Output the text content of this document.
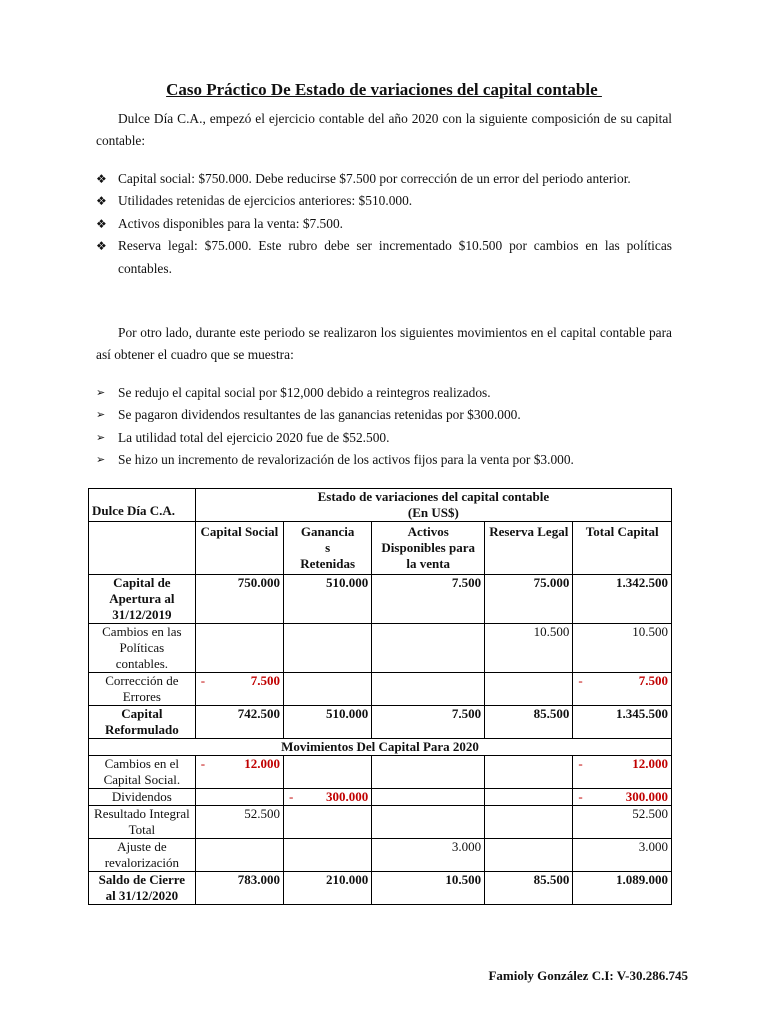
Caso Práctico De Estado de variaciones del capital contable

Dulce Día C.A., empezó el ejercicio contable del año 2020 con la siguiente composición de su capital contable:

❖ Capital social: $750.000. Debe reducirse $7.500 por corrección de un error del periodo anterior.
❖ Utilidades retenidas de ejercicios anteriores: $510.000.
❖ Activos disponibles para la venta: $7.500.
❖ Reserva legal: $75.000. Este rubro debe ser incrementado $10.500 por cambios en las políticas contables.

Por otro lado, durante este periodo se realizaron los siguientes movimientos en el capital contable para así obtener el cuadro que se muestra:

➢ Se redujo el capital social por $12,000 debido a reintegros realizados.
➢ Se pagaron dividendos resultantes de las ganancias retenidas por $300.000.
➢ La utilidad total del ejercicio 2020 fue de $52.500.
➢ Se hizo un incremento de revalorización de los activos fijos para la venta por $3.000.
Dulce Día C.A.	Estado de variaciones del capital contable
(En US$)				

	Capital Social	Ganancia
s
Retenidas	Activos Disponibles para la venta	Reserva Legal	Total Capital
Capital de Apertura al 31/12/2019	750.000	510.000	7.500	75.000	1.342.500
Cambios en las Políticas contables.				10.500	10.500
Corrección de Errores	- 7.500				- 7.500

Capital Reformulado	742.500	510.000	7.500	85.500	1.345.500
Movimientos Del Capital Para 2020					
Cambios en el Capital Social.	- 12.000				- 12.000

Dividendos		- 300.000			- 300.000

Resultado Integral Total	52.500				52.500
Ajuste de revalorización			3.000		3.000
Saldo de Cierre al 31/12/2020	783.000	210.000	10.500	85.500	1.089.000
Famioly González C.I: V-30.286.745
